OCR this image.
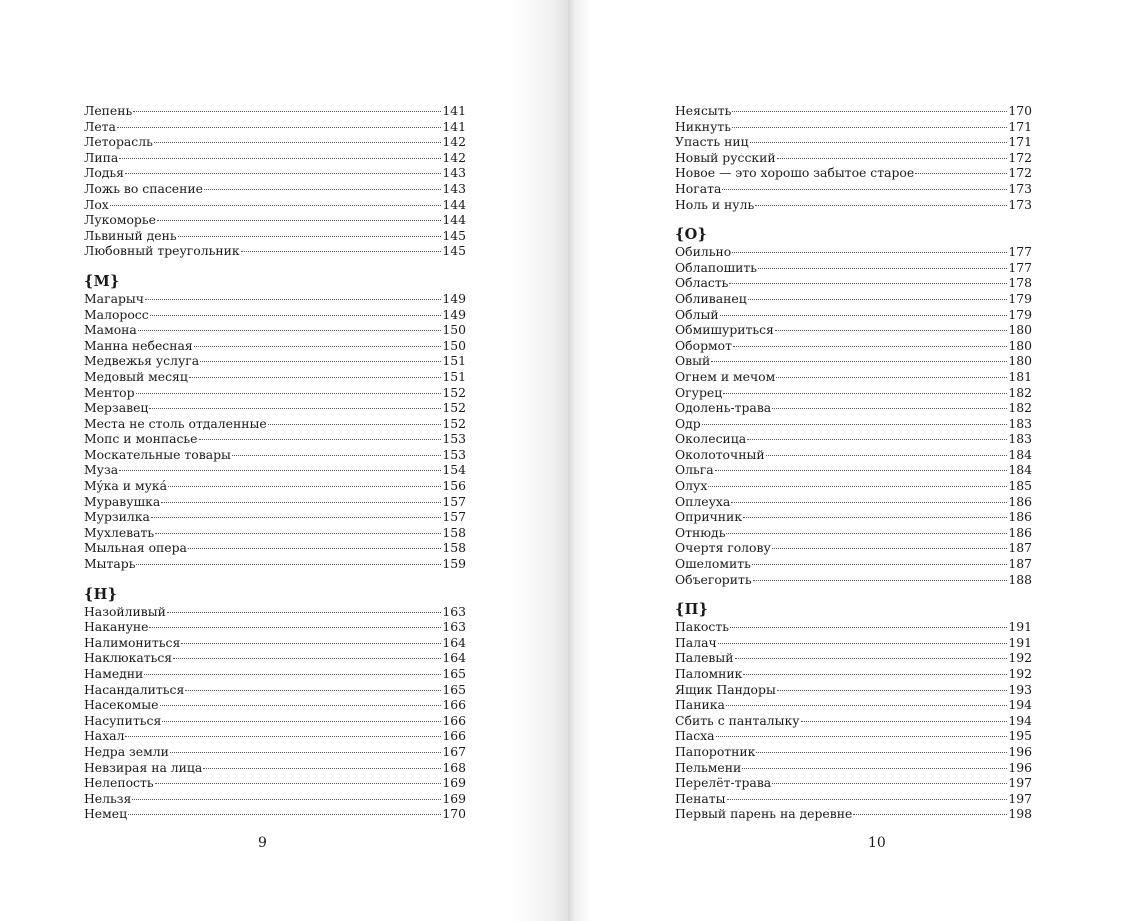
Лепень	141
Лета	141
Леторасль	142
Липа	142
Лодья	143
Ложь во спасение	143
Лох	144
Лукоморье	144
Львиный день	145
Любовный треугольник	145
{М}
Магарыч	149
Малоросс	149
Мамона	150
Манна небесная	150
Медвежья услуга	151
Медовый месяц	151
Ментор	152
Мерзавец	152
Места не столь отдаленные	152
Мопс и монпасье	153
Москательные товары	153
Муза	154
Мýка и мукá	156
Муравушка	157
Мурзилка	157
Мухлевать	158
Мыльная опера	158
Мытарь	159
{Н}
Назойливый	163
Накануне	163
Налимониться	164
Наклюкаться	164
Намедни	165
Насандалиться	165
Насекомые	166
Насупиться	166
Нахал	166
Недра земли	167
Невзирая на лица	168
Нелепость	169
Нельзя	169
Немец	170
9
Неясыть	170
Никнуть	171
Упасть ниц	171
Новый русский	172
Новое — это хорошо забытое старое	172
Ногата	173
Ноль и нуль	173
{О}
Обильно	177
Облапошить	177
Область	178
Обливанец	179
Облый	179
Обмишуриться	180
Обормот	180
Овый	180
Огнем и мечом	181
Огурец	182
Одолень-трава	182
Одр	183
Околесица	183
Околоточный	184
Ольга	184
Олух	185
Оплеуха	186
Опричник	186
Отнюдь	186
Очертя голову	187
Ошеломить	187
Объегорить	188
{П}
Пакость	191
Палач	191
Палевый	192
Паломник	192
Ящик Пандоры	193
Паника	194
Сбить с панталыку	194
Пасха	195
Папоротник	196
Пельмени	196
Перелёт-трава	197
Пенаты	197
Первый парень на деревне	198
10
